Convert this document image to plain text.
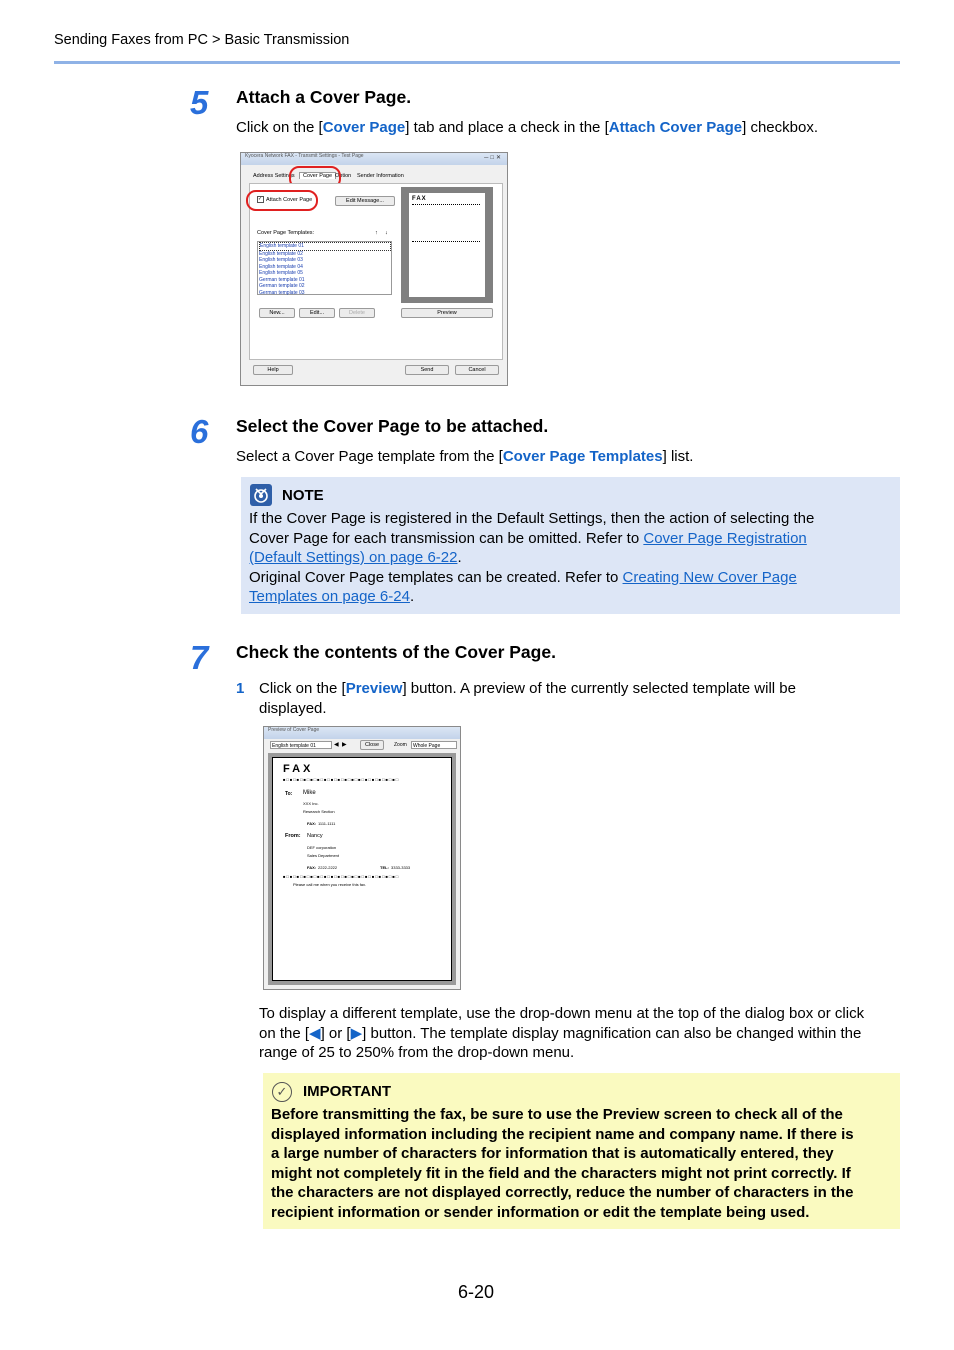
Sending Faxes from PC > Basic Transmission
5 Attach a Cover Page.
Click on the [Cover Page] tab and place a check in the [Attach Cover Page] checkbox.
Kyocera Network FAX - Transmit Settings - Test Page	─□✕
Address Settings	Cover Page Option Sender Information
✓ Attach Cover Page	Edit Message...
Cover Page Templates:	↑ ↓
English template 01
English template 02
English template 03
English template 04
English template 05
German template 01
German template 02
German template 03
New...	Edit...	Delete
FAX
Preview
Help	Send	Cancel
6 Select the Cover Page to be attached.
Select a Cover Page template from the [Cover Page Templates] list.
NOTE
If the Cover Page is registered in the Default Settings, then the action of selecting the
Cover Page for each transmission can be omitted. Refer to Cover Page Registration
(Default Settings) on page 6-22.
Original Cover Page templates can be created. Refer to Creating New Cover Page
Templates on page 6-24.
7 Check the contents of the Cover Page.
1 Click on the [Preview] button. A preview of the currently selected template will be
displayed.
Preview of Cover Page
English template 01	◀ ▶	Close	Zoom	Whole Page
FAX
■□■□■□■□■□■□■□■□■□■□■□■□■□■□■□■□■□
To: Mike
XXX Inc.
Research Section
FAX: 1111-1111
From: Nancy
DEF corporation
Sales Department
FAX: 2222-2222	TEL: 3333-3333
■□■□■□■□■□■□■□■□■□■□■□■□■□■□■□■□■□
Please call me when you receive this fax.
To display a different template, use the drop-down menu at the top of the dialog box or click
on the [◀] or [▶] button. The template display magnification can also be changed within the
range of 25 to 250% from the drop-down menu.
✓	IMPORTANT
Before transmitting the fax, be sure to use the Preview screen to check all of the
displayed information including the recipient name and company name. If there is
a large number of characters for information that is automatically entered, they
might not completely fit in the field and the characters might not print correctly. If
the characters are not displayed correctly, reduce the number of characters in the
recipient information or sender information or edit the template being used.
6-20
